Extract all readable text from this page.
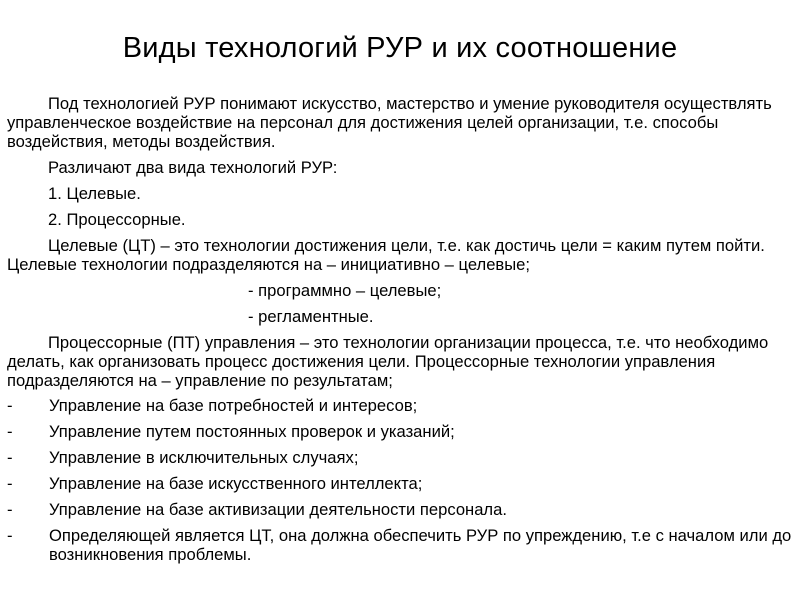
Виды технологий РУР и их соотношение

Под технологией РУР понимают искусство, мастерство и умение руководителя осуществлять управленческое воздействие на персонал для достижения целей организации, т.е. способы воздействия, методы воздействия.

Различают два вида технологий РУР:

1. Целевые.

2. Процессорные.

Целевые (ЦТ) – это технологии достижения цели, т.е. как достичь цели = каким путем пойти. Целевые технологии подразделяются на – инициативно – целевые;

- программно – целевые;

- регламентные.

Процессорные (ПТ) управления – это технологии организации процесса, т.е. что необходимо делать, как организовать процесс достижения цели. Процессорные технологии управления подразделяются на – управление по результатам;

-	Управление на базе потребностей и интересов;
-	Управление путем постоянных проверок и указаний;
-	Управление в исключительных случаях;
-	Управление на базе искусственного интеллекта;
-	Управление на базе активизации деятельности персонала.
-	Определяющей является ЦТ, она должна обеспечить РУР по упреждению, т.е с началом или до возникновения проблемы.
